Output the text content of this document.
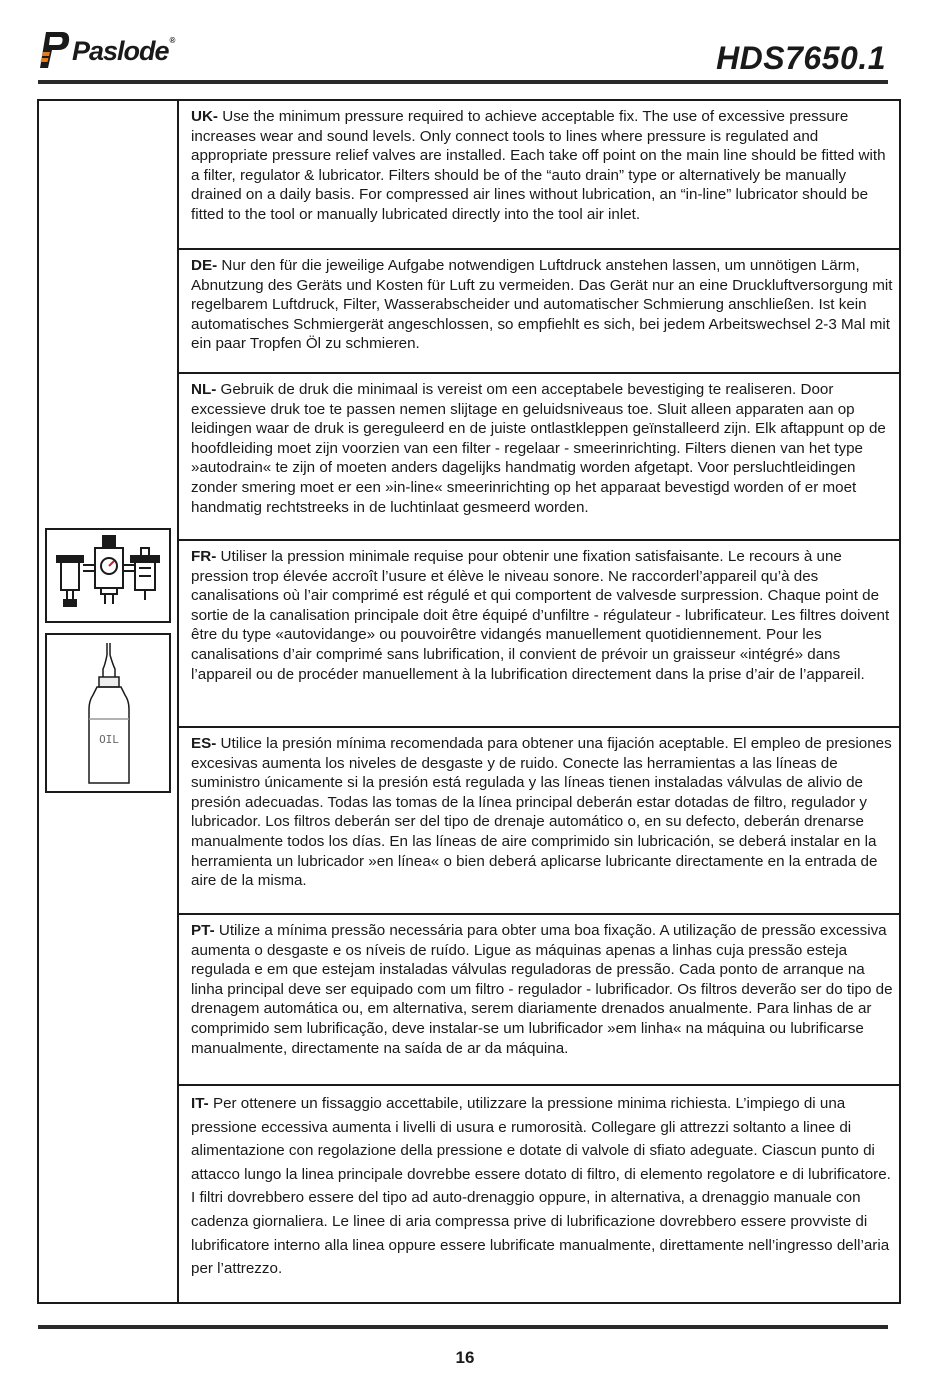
Paslode®	HDS7650.1
OIL
UK- Use the minimum pressure required to achieve acceptable fix. The use of excessive pressure increases wear and sound levels. Only connect tools to lines where pressure is regulated and appropriate pressure relief valves are installed. Each take off point on the main line should be fitted with a filter, regulator & lubricator. Filters should be of the “auto drain” type or alternatively be manually drained on a daily basis. For compressed air lines without lubrication, an “in-line” lubricator should be fitted to the tool or manually lubricated directly into the tool air inlet.
DE- Nur den für die jeweilige Aufgabe notwendigen Luftdruck anstehen lassen, um unnötigen Lärm, Abnutzung des Geräts und Kosten für Luft zu vermeiden. Das Gerät nur an eine Druckluftversorgung mit regelbarem Luftdruck, Filter, Wasserabscheider und automatischer Schmierung anschließen. Ist kein automatisches Schmiergerät angeschlossen, so empfiehlt es sich, bei jedem Arbeitswechsel 2-3 Mal mit ein paar Tropfen Öl zu schmieren.
NL- Gebruik de druk die minimaal is vereist om een acceptabele bevestiging te realiseren. Door excessieve druk toe te passen nemen slijtage en geluidsniveaus toe. Sluit alleen apparaten aan op leidingen waar de druk is gereguleerd en de juiste ontlastkleppen geïnstalleerd zijn. Elk aftappunt op de hoofdleiding moet zijn voorzien van een filter - regelaar - smeerinrichting. Filters dienen van het type »autodrain« te zijn of moeten anders dagelijks handmatig worden afgetapt. Voor persluchtleidingen zonder smering moet er een »in-line« smeerinrichting op het apparaat bevestigd worden of er moet handmatig rechtstreeks in de luchtinlaat gesmeerd worden.
FR- Utiliser la pression minimale requise pour obtenir une fixation satisfaisante. Le recours à une pression trop élevée accroît l’usure et élève le niveau sonore. Ne raccorderl’appareil qu’à des canalisations où l’air comprimé est régulé et qui comportent de valvesde surpression. Chaque point de sortie de la canalisation principale doit être équipé d’unfiltre - régulateur - lubrificateur. Les filtres doivent être du type «autovidange» ou pouvoirêtre vidangés manuellement quotidiennement. Pour les canalisations d’air comprimé sans lubrification, il convient de prévoir un graisseur «intégré» dans l’appareil ou de procéder manuellement à la lubrification directement dans la prise d’air de l’appareil.
ES- Utilice la presión mínima recomendada para obtener una fijación aceptable. El empleo de presiones excesivas aumenta los niveles de desgaste y de ruido. Conecte las herramientas a las líneas de suministro únicamente si la presión está regulada y las líneas tienen instaladas válvulas de alivio de presión adecuadas. Todas las tomas de la línea principal deberán estar dotadas de filtro, regulador y lubricador. Los filtros deberán ser del tipo de drenaje automático o, en su defecto, deberán drenarse manualmente todos los días. En las líneas de aire comprimido sin lubricación, se deberá instalar en la herramienta un lubricador »en línea« o bien deberá aplicarse lubricante directamente en la entrada de aire de la misma.
PT- Utilize a mínima pressão necessária para obter uma boa fixação. A utilização de pressão excessiva aumenta o desgaste e os níveis de ruído. Ligue as máquinas apenas a linhas cuja pressão esteja regulada e em que estejam instaladas válvulas reguladoras de pressão. Cada ponto de arranque na linha principal deve ser equipado com um filtro - regulador - lubrificador. Os filtros deverão ser do tipo de drenagem automática ou, em alternativa, serem diariamente drenados anualmente. Para linhas de ar comprimido sem lubrificação, deve instalar-se um lubrificador »em linha« na máquina ou lubrificarse manualmente, directamente na saída de ar da máquina.
IT- Per ottenere un fissaggio accettabile, utilizzare la pressione minima richiesta. L’impiego di una pressione eccessiva aumenta i livelli di usura e rumorosità. Collegare gli attrezzi soltanto a linee di alimentazione con regolazione della pressione e dotate di valvole di sfiato adeguate. Ciascun punto di attacco lungo la linea principale dovrebbe essere dotato di filtro, di elemento regolatore e di lubrificatore. I filtri dovrebbero essere del tipo ad auto-drenaggio oppure, in alternativa, a drenaggio manuale con cadenza giornaliera. Le linee di aria compressa prive di lubrificazione dovrebbero essere provviste di lubrificatore interno alla linea oppure essere lubrificate manualmente, direttamente nell’ingresso dell’aria per l’attrezzo.
16
